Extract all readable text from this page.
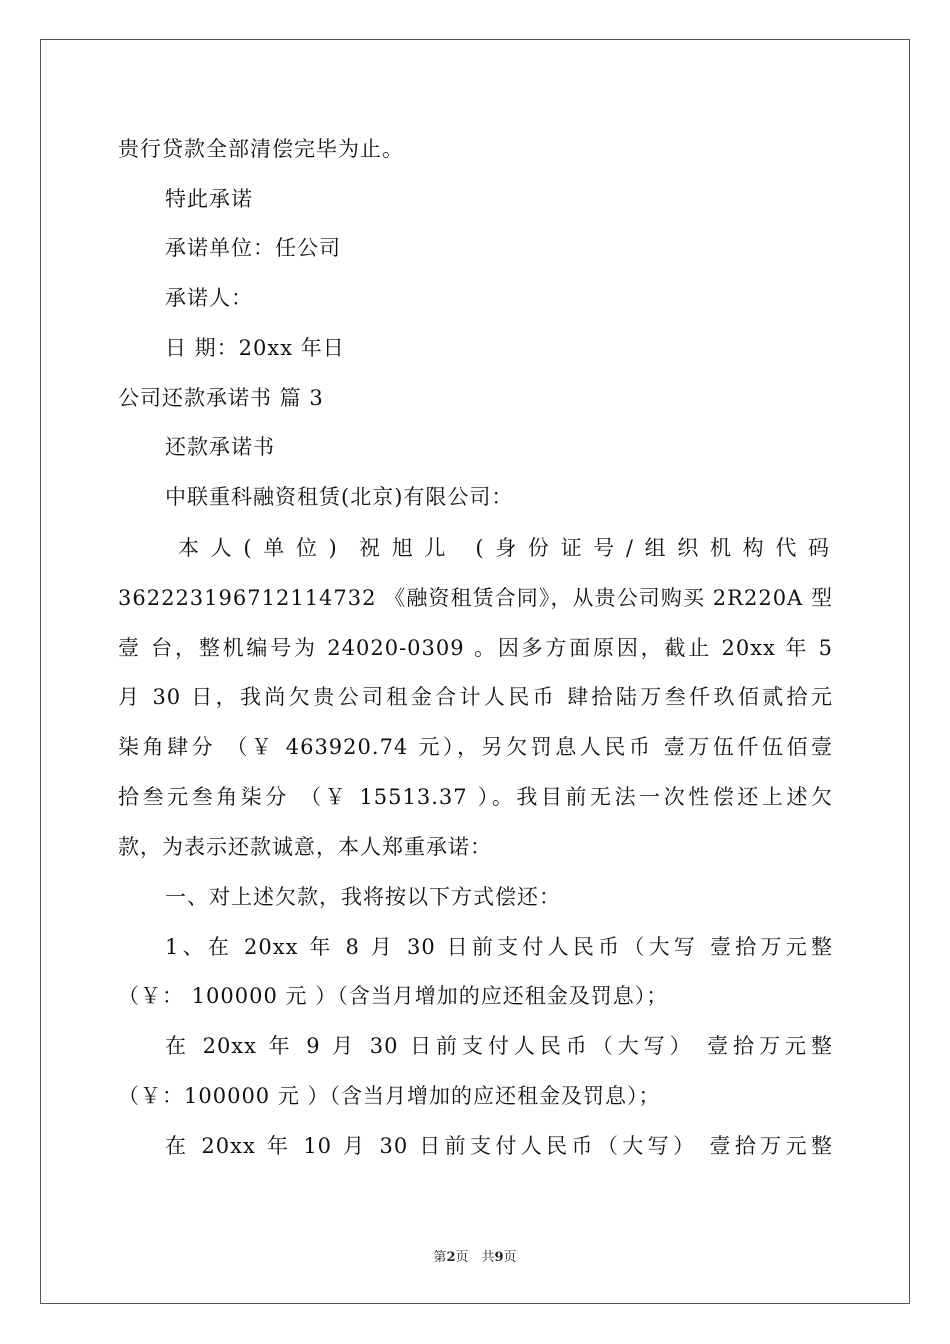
贵行贷款全部清偿完毕为止。
特此承诺
承诺单位：任公司
承诺人：
日 期：20xx 年日
公司还款承诺书 篇 3
还款承诺书
中联重科融资租赁(北京)有限公司：
本人(单位) 祝旭儿 (身份证号/组织机构代码
362223196712114732 《融资租赁合同》，从贵公司购买 2R220A 型
壹 台，整机编号为 24020-0309 。因多方面原因，截止 20xx 年 5
月 30 日，我尚欠贵公司租金合计人民币 肆拾陆万叁仟玖佰贰拾元
柒角肆分 （￥ 463920.74 元），另欠罚息人民币 壹万伍仟伍佰壹
拾叁元叁角柒分 （￥ 15513.37 ）。我目前无法一次性偿还上述欠
款，为表示还款诚意，本人郑重承诺：
一、对上述欠款，我将按以下方式偿还：
1、在 20xx 年 8 月 30 日前支付人民币（大写 壹拾万元整
（￥： 100000 元 ）（含当月增加的应还租金及罚息）；
在 20xx 年 9 月 30 日前支付人民币（大写） 壹拾万元整
（￥：100000 元 ）（含当月增加的应还租金及罚息）；
在 20xx 年 10 月 30 日前支付人民币（大写） 壹拾万元整
第2页　共9页
